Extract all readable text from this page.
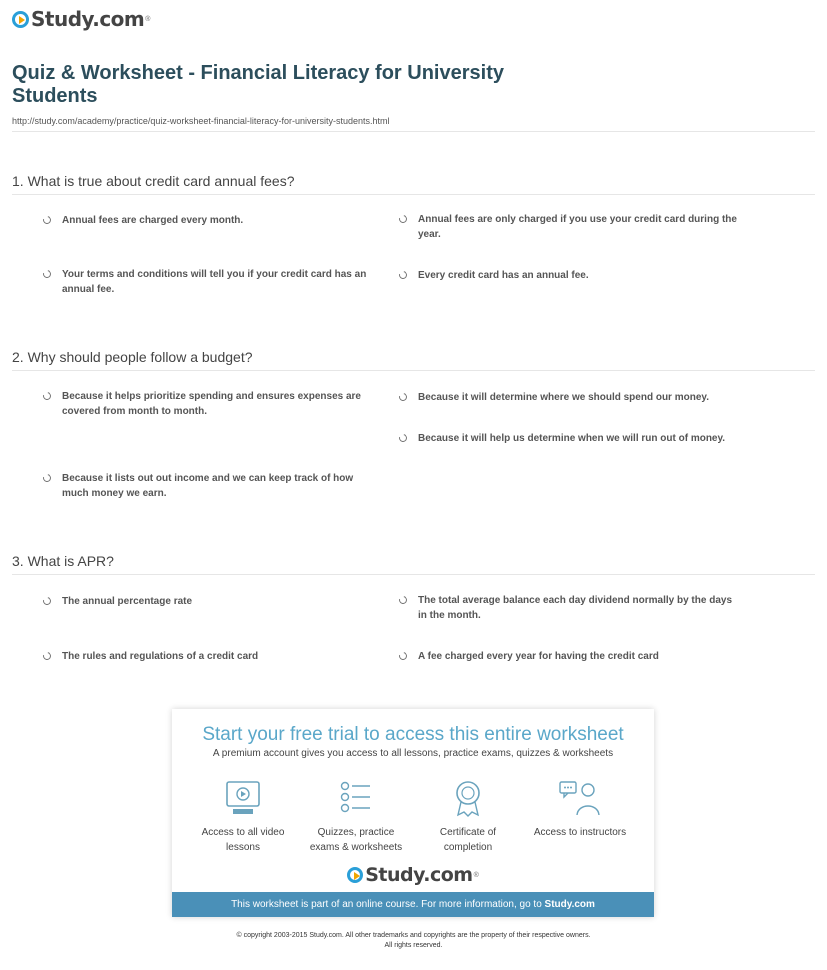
Study.com ®
Quiz & Worksheet - Financial Literacy for University Students
http://study.com/academy/practice/quiz-worksheet-financial-literacy-for-university-students.html
1. What is true about credit card annual fees?
Annual fees are charged every month.	Annual fees are only charged if you use your credit card during the year.
Your terms and conditions will tell you if your credit card has an annual fee.
Every credit card has an annual fee.
2. Why should people follow a budget?
Because it helps prioritize spending and ensures expenses are covered from month to month.
Because it will determine where we should spend our money.
Because it will help us determine when we will run out of money.
Because it lists out out income and we can keep track of how much money we earn.
3. What is APR?
The annual percentage rate	The total average balance each day dividend normally by the days in the month.
The rules and regulations of a credit card	A fee charged every year for having the credit card
Start your free trial to access this entire worksheet
A premium account gives you access to all lessons, practice exams, quizzes & worksheets
Access to all video lessons
Quizzes, practice exams & worksheets
Certificate of completion
Access to instructors
Study.com ®
This worksheet is part of an online course. For more information, go to Study.com
© copyright 2003-2015 Study.com. All other trademarks and copyrights are the property of their respective owners.
All rights reserved.
